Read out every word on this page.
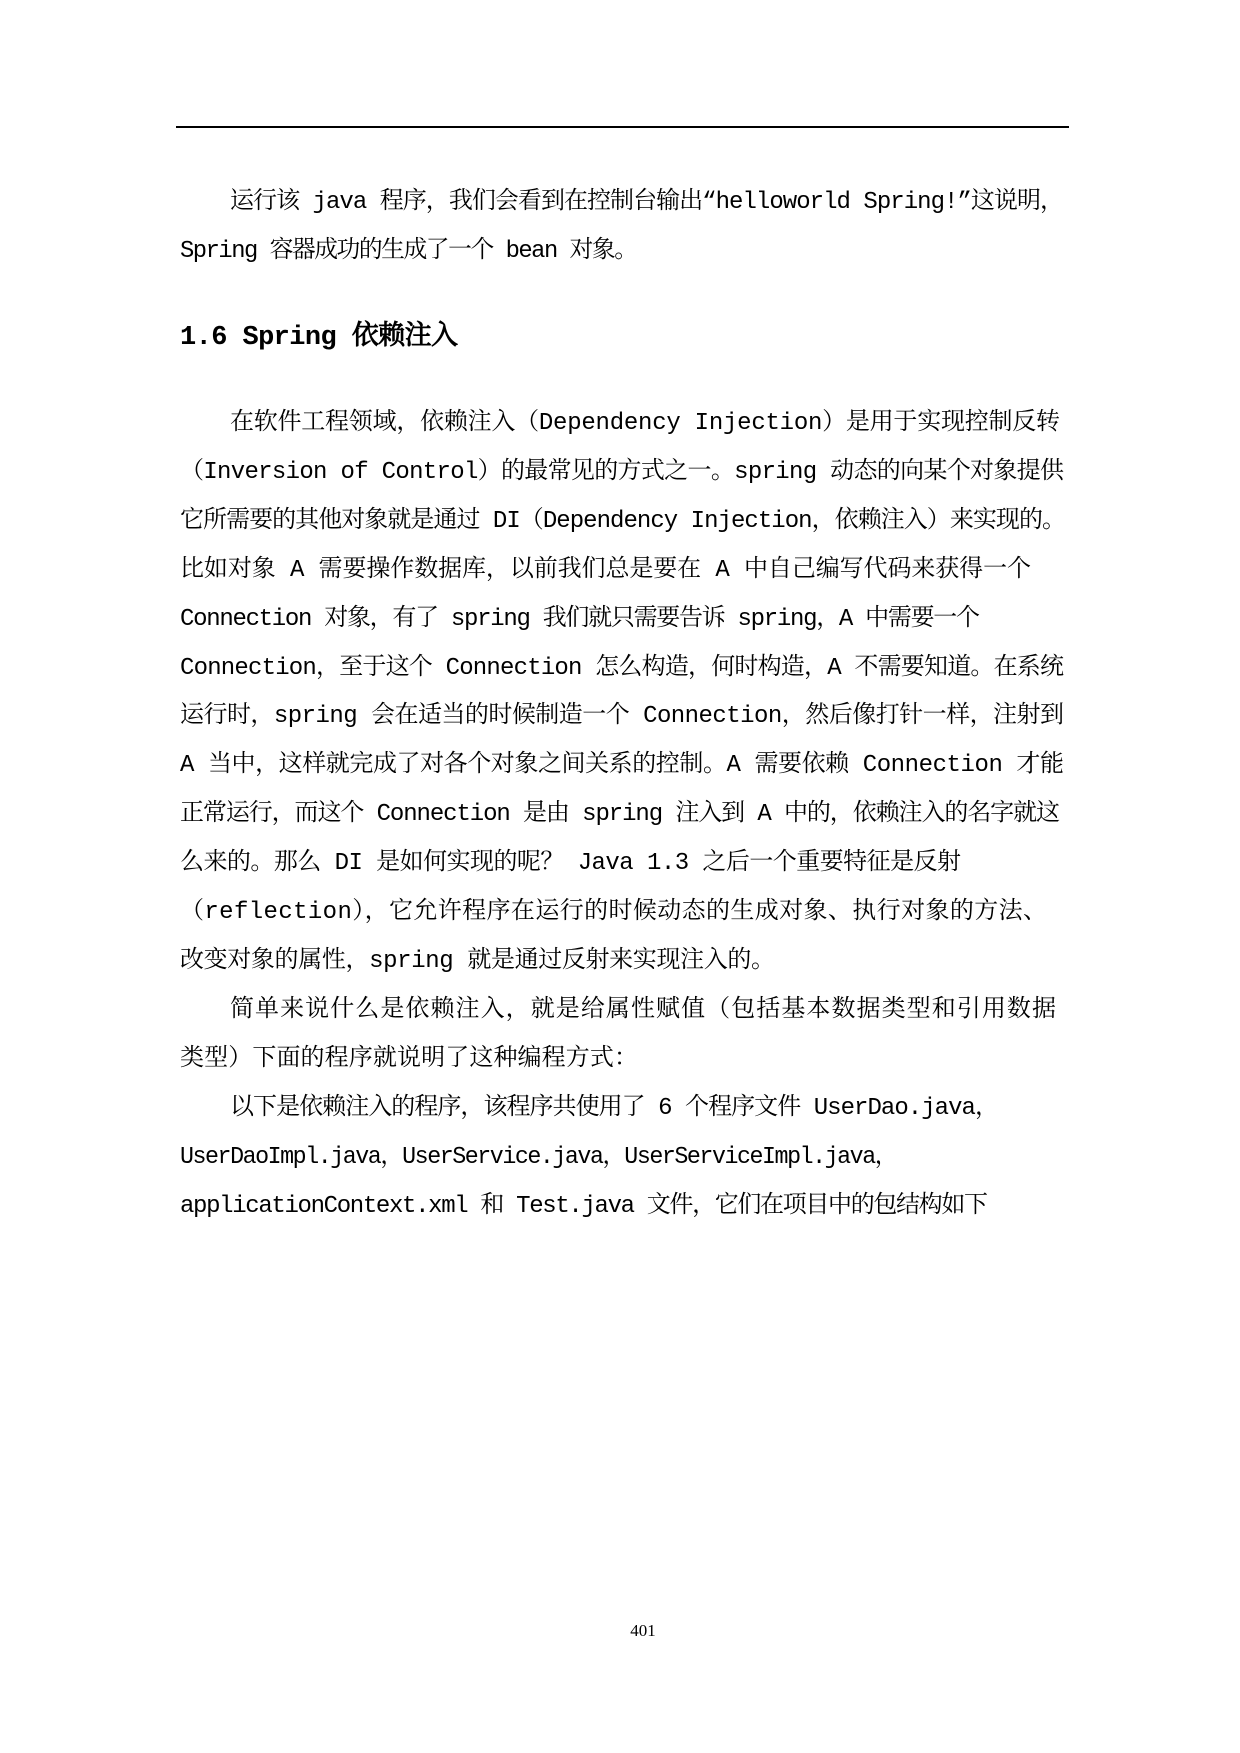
运行该 java 程序，我们会看到在控制台输出“helloworld Spring!”这说明，
Spring 容器成功的生成了一个 bean 对象。
1.6 Spring 依赖注入
在软件工程领域，依赖注入（Dependency Injection）是用于实现控制反转
（Inversion of Control）的最常见的方式之一。spring 动态的向某个对象提供
它所需要的其他对象就是通过 DI（Dependency Injection，依赖注入）来实现的。
比如对象 A 需要操作数据库，以前我们总是要在 A 中自己编写代码来获得一个
Connection 对象，有了 spring 我们就只需要告诉 spring，A 中需要一个
Connection，至于这个 Connection 怎么构造，何时构造，A 不需要知道。在系统
运行时，spring 会在适当的时候制造一个 Connection，然后像打针一样，注射到
A 当中，这样就完成了对各个对象之间关系的控制。A 需要依赖 Connection 才能
正常运行，而这个 Connection 是由 spring 注入到 A 中的，依赖注入的名字就这
么来的。那么 DI 是如何实现的呢？ Java 1.3 之后一个重要特征是反射
（reflection），它允许程序在运行的时候动态的生成对象、执行对象的方法、
改变对象的属性，spring 就是通过反射来实现注入的。
简单来说什么是依赖注入，就是给属性赋值（包括基本数据类型和引用数据
类型）下面的程序就说明了这种编程方式：
以下是依赖注入的程序，该程序共使用了 6 个程序文件 UserDao.java，
UserDaoImpl.java，UserService.java，UserServiceImpl.java，
applicationContext.xml 和 Test.java 文件，它们在项目中的包结构如下
401
